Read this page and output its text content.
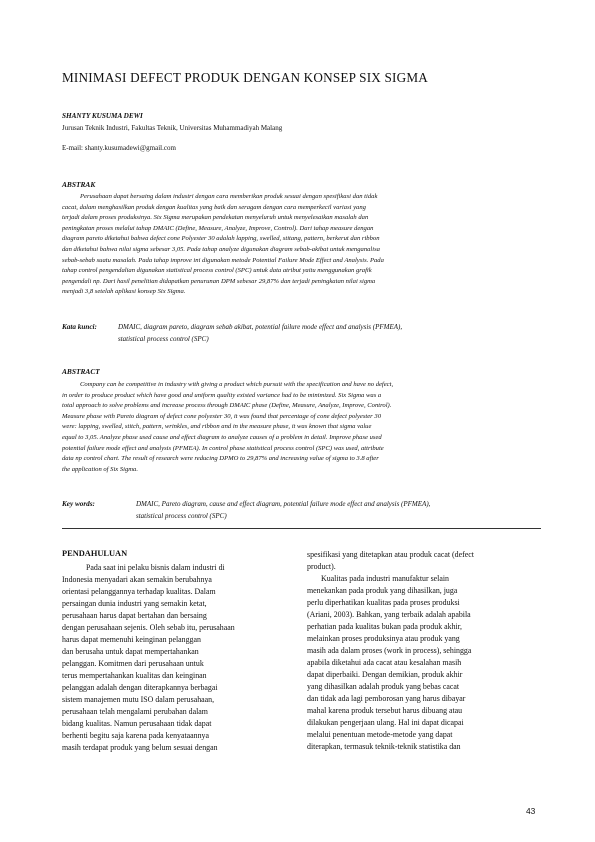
MINIMASI DEFECT PRODUK DENGAN KONSEP SIX SIGMA
SHANTY KUSUMA DEWI
Jurusan Teknik Industri, Fakultas Teknik, Universitas Muhammadiyah Malang
E-mail: shanty.kusumadewi@gmail.com
ABSTRAK
Perusahaan dapat bersaing dalam industri dengan cara memberikan produk sesuai dengan spesifikasi dan tidak
cacat, dalam menghasilkan produk dengan kualitas yang baik dan seragam dengan cara memperkecil variasi yang
terjadi dalam proses produksinya. Six Sigma merupakan pendekatan menyeluruh untuk menyelesaikan masalah dan
peningkatan proses melalui tahap DMAIC (Define, Measure, Analyze, Improve, Control). Dari tahap measure dengan
diagram pareto diketahui bahwa defect cone Polyester 30 adalah lapping, swelled, stitang, pattern, berkerut dan ribbon
dan diketahui bahwa nilai sigma sebesar 3,05. Pada tahap analyze digunakan diagram sebab-akibat untuk menganalisa
sebab-sebab suatu masalah. Pada tahap improve ini digunakan metode Potential Failure Mode Effect and Analysis. Pada
tahap control pengendalian digunakan statistical process control (SPC) untuk data atribut yaitu menggunakan grafik
pengendali np. Dari hasil penelitian didapatkan penurunan DPM sebesar 29,87% dan terjadi peningkatan nilai sigma
menjadi 3,8 setelah aplikasi konsep Six Sigma.
Kata kunci:	DMAIC, diagram pareto, diagram sebab akibat, potential failure mode effect and analysis (PFMEA),
statistical process control (SPC)
ABSTRACT
Company can be competitive in industry with giving a product which pursuit with the specification and have no defect,
in order to produce product which have good and uniform quality existed variance had to be minimized. Six Sigma was a
total approach to solve problems and increase process through DMAIC phase (Define, Measure, Analyze, Improve, Control).
Measure phase with Pareto diagram of defect cone polyester 30, it was found that percentage of cone defect polyester 30
were: lapping, swelled, stitch, pattern, wrinkles, and ribbon and in the measure phase, it was known that sigma value
equal to 3,05. Analyze phase used cause and effect diagram to analyze causes of a problem in detail. Improve phase used
potential failure mode effect and analysis (PFMEA). In control phase statistical process control (SPC) was used, attribute
data np control chart. The result of research were reducing DPMO to 29,87% and increasing value of sigma to 3.8 after
the application of Six Sigma.
Key words:	DMAIC, Pareto diagram, cause and effect diagram, potential failure mode effect and analysis (PFMEA),
statistical process control (SPC)
PENDAHULUAN
Pada saat ini pelaku bisnis dalam industri di
Indonesia menyadari akan semakin berubahnya
orientasi pelanggannya terhadap kualitas. Dalam
persaingan dunia industri yang semakin ketat,
perusahaan harus dapat bertahan dan bersaing
dengan perusahaan sejenis. Oleh sebab itu, perusahaan
harus dapat memenuhi keinginan pelanggan
dan berusaha untuk dapat mempertahankan
pelanggan. Komitmen dari perusahaan untuk
terus mempertahankan kualitas dan keinginan
pelanggan adalah dengan diterapkannya berbagai
sistem manajemen mutu ISO dalam perusahaan,
perusahaan telah mengalami perubahan dalam
bidang kualitas. Namun perusahaan tidak dapat
berhenti begitu saja karena pada kenyataannya
masih terdapat produk yang belum sesuai dengan
spesifikasi yang ditetapkan atau produk cacat (defect
product).
Kualitas pada industri manufaktur selain
menekankan pada produk yang dihasilkan, juga
perlu diperhatikan kualitas pada proses produksi
(Ariani, 2003). Bahkan, yang terbaik adalah apabila
perhatian pada kualitas bukan pada produk akhir,
melainkan proses produksinya atau produk yang
masih ada dalam proses (work in process), sehingga
apabila diketahui ada cacat atau kesalahan masih
dapat diperbaiki. Dengan demikian, produk akhir
yang dihasilkan adalah produk yang bebas cacat
dan tidak ada lagi pemborosan yang harus dibayar
mahal karena produk tersebut harus dibuang atau
dilakukan pengerjaan ulang. Hal ini dapat dicapai
melalui penentuan metode-metode yang dapat
diterapkan, termasuk teknik-teknik statistika dan
43
